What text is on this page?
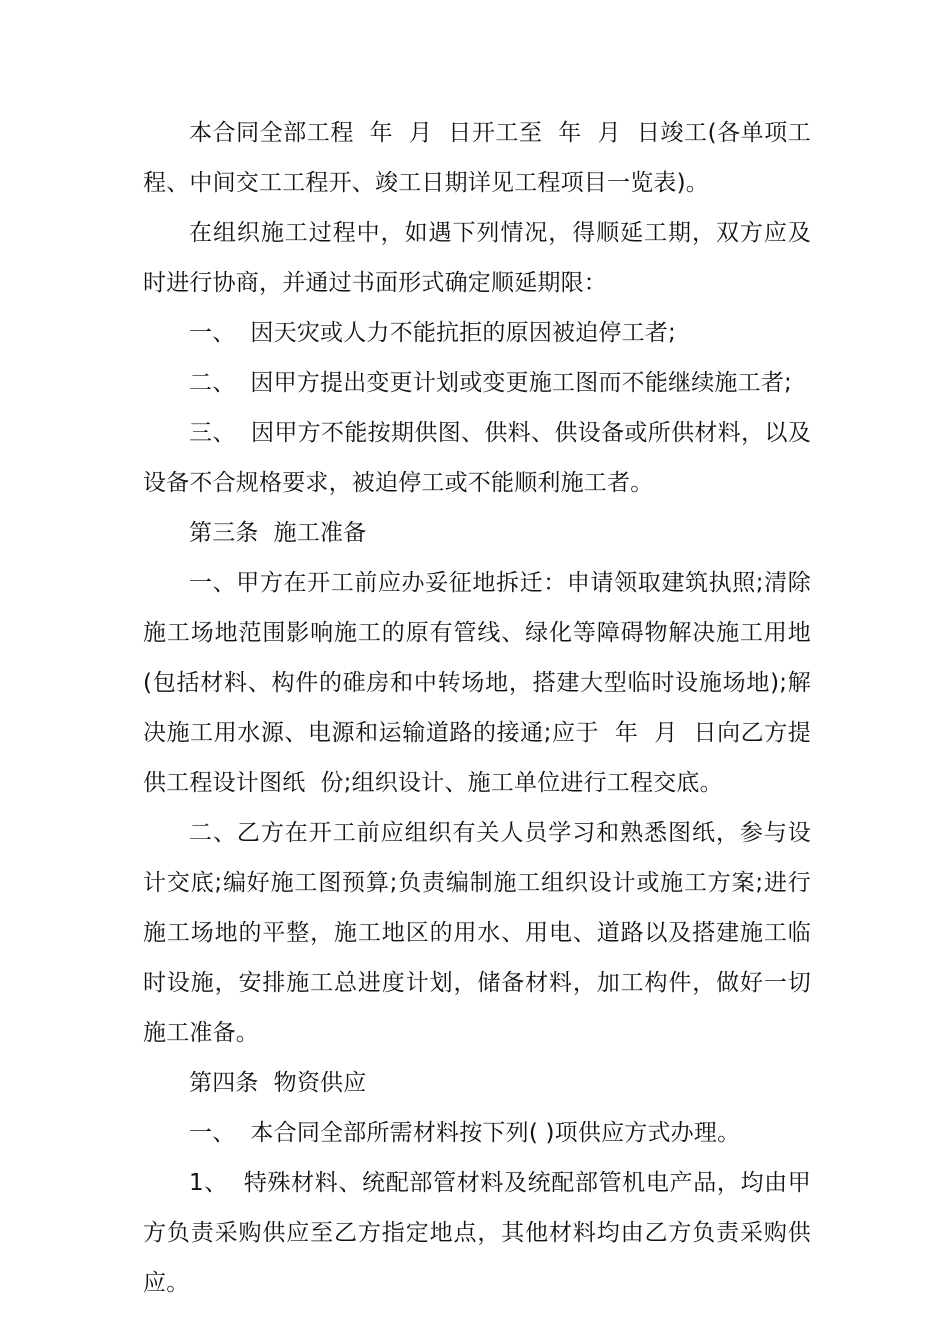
本合同全部工程  年  月  日开工至  年  月  日竣工(各单项工程、中间交工工程开、竣工日期详见工程项目一览表)。

在组织施工过程中，如遇下列情况，得顺延工期，双方应及时进行协商，并通过书面形式确定顺延期限：

一、  因天灾或人力不能抗拒的原因被迫停工者;

二、  因甲方提出变更计划或变更施工图而不能继续施工者;

三、  因甲方不能按期供图、供料、供设备或所供材料，以及设备不合规格要求，被迫停工或不能顺利施工者。

第三条  施工准备

一、甲方在开工前应办妥征地拆迁：申请领取建筑执照;清除施工场地范围影响施工的原有管线、绿化等障碍物解决施工用地(包括材料、构件的碓房和中转场地，搭建大型临时设施场地);解决施工用水源、电源和运输道路的接通;应于  年  月  日向乙方提供工程设计图纸  份;组织设计、施工单位进行工程交底。

二、乙方在开工前应组织有关人员学习和熟悉图纸，参与设计交底;编好施工图预算;负责编制施工组织设计或施工方案;进行施工场地的平整，施工地区的用水、用电、道路以及搭建施工临时设施，安排施工总进度计划，储备材料，加工构件，做好一切施工准备。

第四条  物资供应

一、  本合同全部所需材料按下列( )项供应方式办理。

1、  特殊材料、统配部管材料及统配部管机电产品，均由甲方负责采购供应至乙方指定地点，其他材料均由乙方负责采购供应。
